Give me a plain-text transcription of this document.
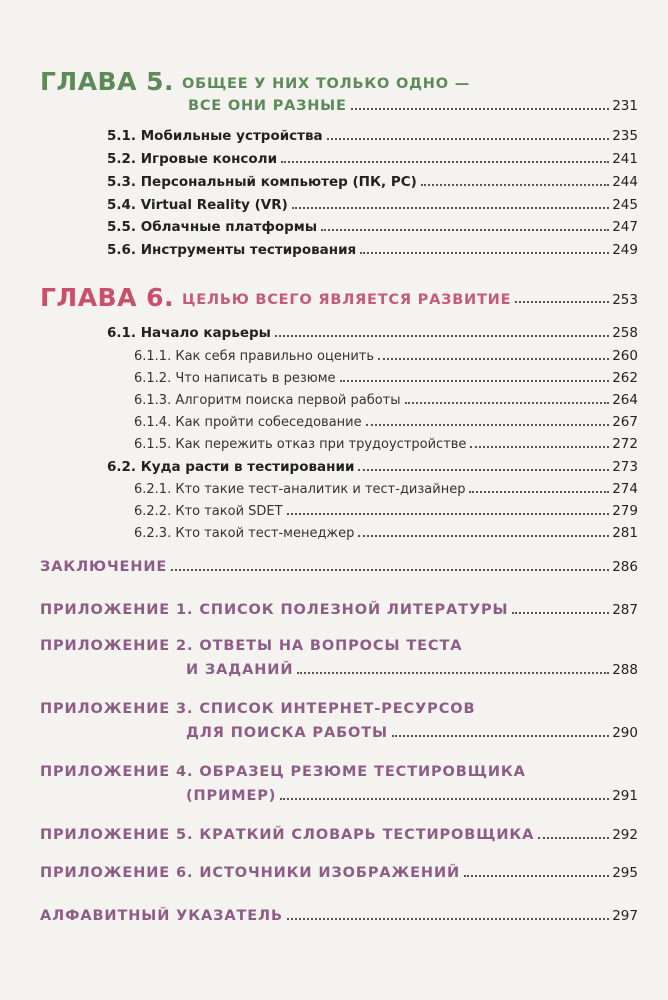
ГЛАВА 5. ОБЩЕЕ У НИХ ТОЛЬКО ОДНО —
ВСЕ ОНИ РАЗНЫЕ	231
5.1. Мобильные устройства	235
5.2. Игровые консоли	241
5.3. Персональный компьютер (ПК, PC)	244
5.4. Virtual Reality (VR)	245
5.5. Облачные платформы	247
5.6. Инструменты тестирования	249
ГЛАВА 6. ЦЕЛЬЮ ВСЕГО ЯВЛЯЕТСЯ РАЗВИТИЕ	253
6.1. Начало карьеры	258
6.1.1. Как себя правильно оценить	260
6.1.2. Что написать в резюме	262
6.1.3. Алгоритм поиска первой работы	264
6.1.4. Как пройти собеседование	267
6.1.5. Как пережить отказ при трудоустройстве	272
6.2. Куда расти в тестировании	273
6.2.1. Кто такие тест-аналитик и тест-дизайнер	274
6.2.2. Кто такой SDET	279
6.2.3. Кто такой тест-менеджер	281
ЗАКЛЮЧЕНИЕ	286
ПРИЛОЖЕНИЕ 1. СПИСОК ПОЛЕЗНОЙ ЛИТЕРАТУРЫ	287
ПРИЛОЖЕНИЕ 2. ОТВЕТЫ НА ВОПРОСЫ ТЕСТА
И ЗАДАНИЙ	288
ПРИЛОЖЕНИЕ 3. СПИСОК ИНТЕРНЕТ-РЕСУРСОВ
ДЛЯ ПОИСКА РАБОТЫ	290
ПРИЛОЖЕНИЕ 4. ОБРАЗЕЦ РЕЗЮМЕ ТЕСТИРОВЩИКА
(ПРИМЕР)	291
ПРИЛОЖЕНИЕ 5. КРАТКИЙ СЛОВАРЬ ТЕСТИРОВЩИКА	292
ПРИЛОЖЕНИЕ 6. ИСТОЧНИКИ ИЗОБРАЖЕНИЙ	295
АЛФАВИТНЫЙ УКАЗАТЕЛЬ	297
